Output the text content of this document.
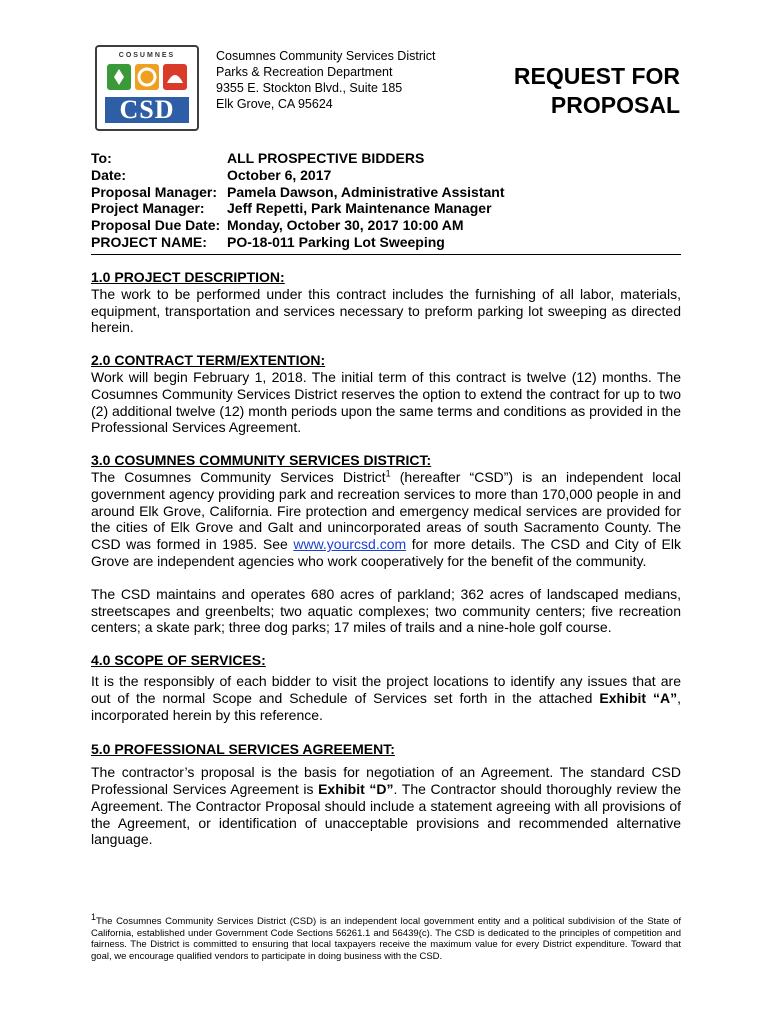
COSUMNES
CSD
Cosumnes Community Services District
Parks & Recreation Department
9355 E. Stockton Blvd., Suite 185
Elk Grove, CA 95624
REQUEST FOR
PROPOSAL
To:	ALL PROSPECTIVE BIDDERS
Date:	October 6, 2017
Proposal Manager: Pamela Dawson, Administrative Assistant
Project Manager:	Jeff Repetti, Park Maintenance Manager
Proposal Due Date: Monday, October 30, 2017 10:00 AM
PROJECT NAME:	PO-18-011 Parking Lot Sweeping

1.0 PROJECT DESCRIPTION:

The work to be performed under this contract includes the furnishing of all labor, materials, equipment, transportation and services necessary to preform parking lot sweeping as directed herein.

2.0 CONTRACT TERM/EXTENTION:

Work will begin February 1, 2018. The initial term of this contract is twelve (12) months. The Cosumnes Community Services District reserves the option to extend the contract for up to two (2) additional twelve (12) month periods upon the same terms and conditions as provided in the Professional Services Agreement.

3.0 COSUMNES COMMUNITY SERVICES DISTRICT:

The Cosumnes Community Services District$^1$ (hereafter “CSD”) is an independent local government agency providing park and recreation services to more than 170,000 people in and around Elk Grove, California. Fire protection and emergency medical services are provided for the cities of Elk Grove and Galt and unincorporated areas of south Sacramento County. The CSD was formed in 1985. See www.yourcsd.com for more details. The CSD and City of Elk Grove are independent agencies who work cooperatively for the benefit of the community.

The CSD maintains and operates 680 acres of parkland; 362 acres of landscaped medians, streetscapes and greenbelts; two aquatic complexes; two community centers; five recreation centers; a skate park; three dog parks; 17 miles of trails and a nine-hole golf course.

4.0 SCOPE OF SERVICES:

It is the responsibly of each bidder to visit the project locations to identify any issues that are out of the normal Scope and Schedule of Services set forth in the attached Exhibit “A”, incorporated herein by this reference.

5.0 PROFESSIONAL SERVICES AGREEMENT:

The contractor’s proposal is the basis for negotiation of an Agreement. The standard CSD Professional Services Agreement is Exhibit “D”. The Contractor should thoroughly review the Agreement. The Contractor Proposal should include a statement agreeing with all provisions of the Agreement, or identification of unacceptable provisions and recommended alternative language.

$^1$The Cosumnes Community Services District (CSD) is an independent local government entity and a political subdivision of the State of California, established under Government Code Sections 56261.1 and 56439(c). The CSD is dedicated to the principles of competition and fairness. The District is committed to ensuring that local taxpayers receive the maximum value for every District expenditure. Toward that goal, we encourage qualified vendors to participate in doing business with the CSD.
